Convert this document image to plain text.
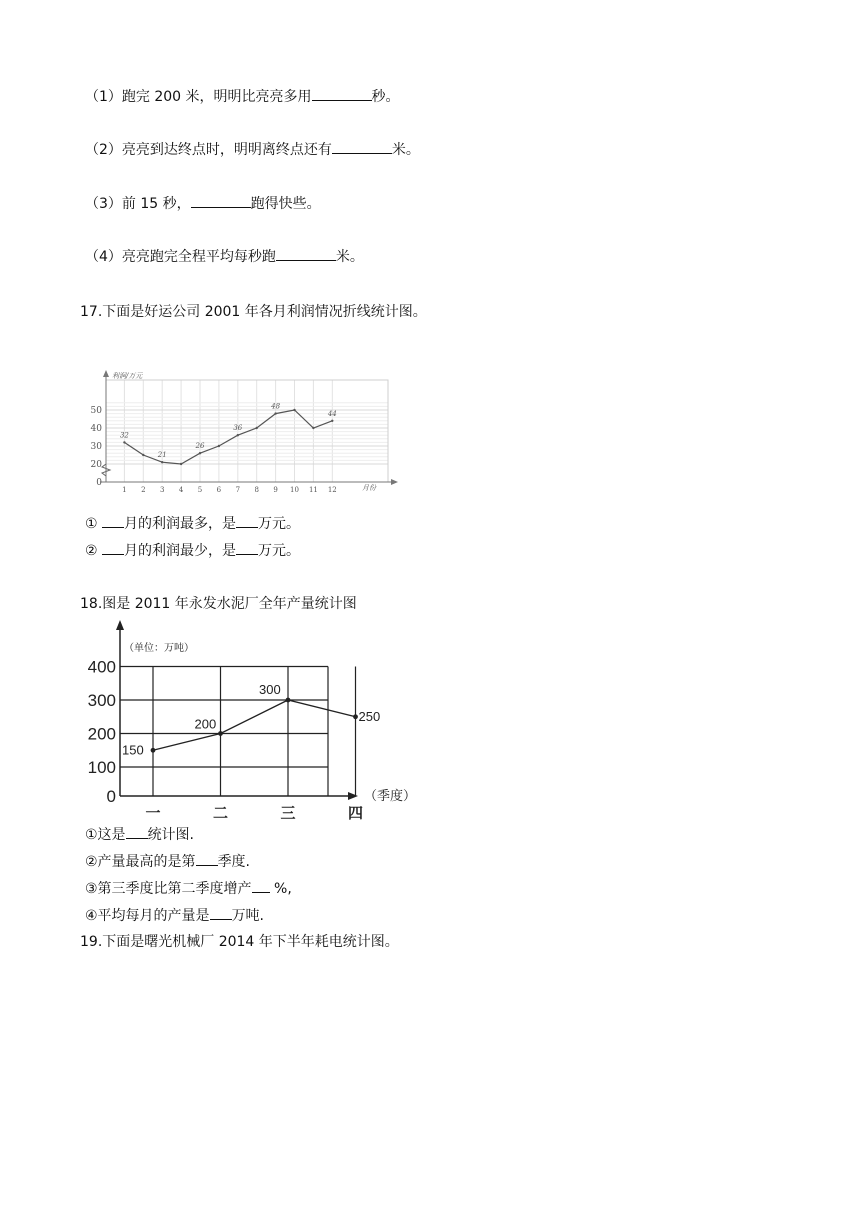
（1）跑完 200 米，明明比亮亮多用	秒。
（2）亮亮到达终点时，明明离终点还有	米。
（3）前 15 秒，	跑得快些。
（4）亮亮跑完全程平均每秒跑	米。
17.下面是好运公司 2001 年各月利润情况折线统计图。
利润/万元
月份
0
20
30
40
50
1 2 3 4 5 6 7 8 9 10 11 12
32
21
26
36
48
44
① 月的利润最多，是 万元。
② 月的利润最少，是 万元。
18.图是 2011 年永发水泥厂全年产量统计图
（单位：万吨）
（季度）
0
100
200
300
400
一	二	三	四
150
200
300
250
①这是 统计图.
②产量最高的是第 季度.
③第三季度比第二季度增产 %,
④平均每月的产量是 万吨.
19.下面是曙光机械厂 2014 年下半年耗电统计图。
